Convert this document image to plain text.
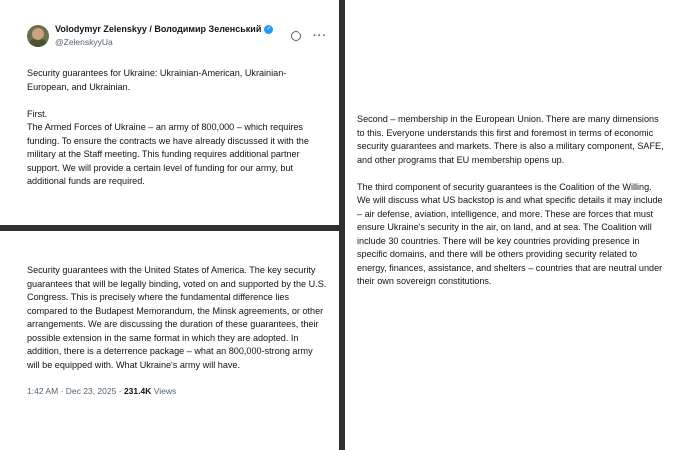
Volodymyr Zelenskyy / Володимир Зеленський ✓
@ZelenskyyUa	···

Security guarantees for Ukraine: Ukrainian-American, Ukrainian-European, and Ukrainian.

First.

The Armed Forces of Ukraine – an army of 800,000 – which requires funding. To ensure the contracts we have already discussed it with the military at the Staff meeting. This funding requires additional partner support. We will provide a certain level of funding for our army, but additional funds are required.

Security guarantees with the United States of America. The key security guarantees that will be legally binding, voted on and supported by the U.S. Congress. This is precisely where the fundamental difference lies compared to the Budapest Memorandum, the Minsk agreements, or other arrangements. We are discussing the duration of these guarantees, their possible extension in the same format in which they are adopted. In addition, there is a deterrence package – what an 800,000-strong army will be equipped with. What Ukraine's army will have.

1:42 AM · Dec 23, 2025 · 231.4K Views

Second – membership in the European Union. There are many dimensions to this. Everyone understands this first and foremost in terms of economic security guarantees and markets. There is also a military component, SAFE, and other programs that EU membership opens up.

The third component of security guarantees is the Coalition of the Willing. We will discuss what US backstop is and what specific details it may include – air defense, aviation, intelligence, and more. These are forces that must ensure Ukraine's security in the air, on land, and at sea. The Coalition will include 30 countries. There will be key countries providing presence in specific domains, and there will be others providing security related to energy, finances, assistance, and shelters – countries that are neutral under their own sovereign constitutions.
